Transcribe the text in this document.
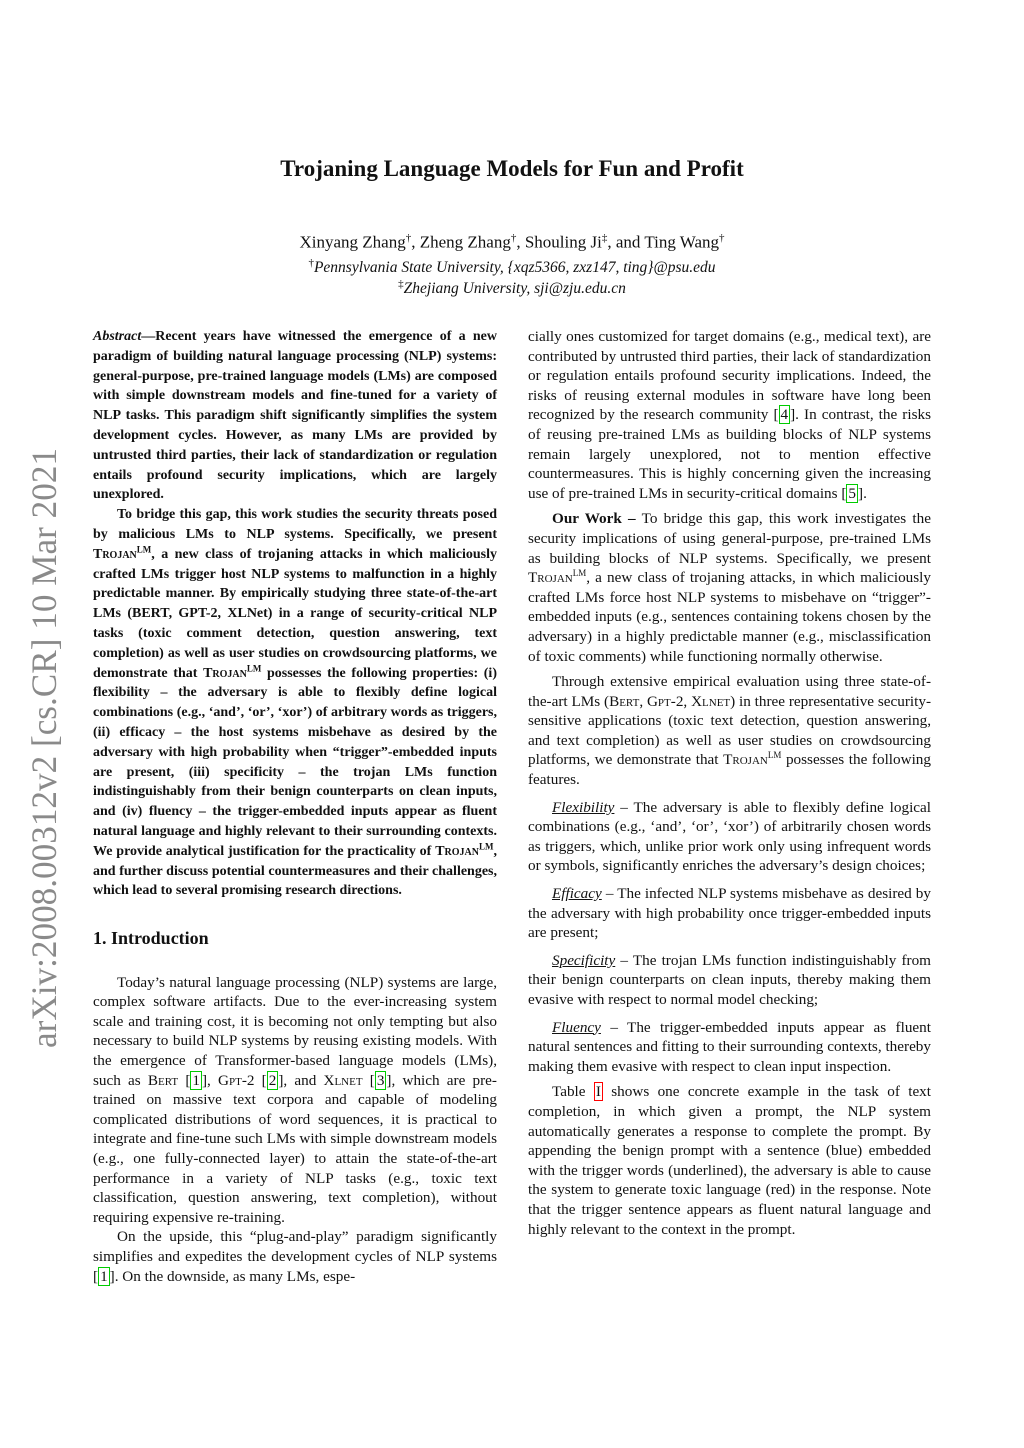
arXiv:2008.00312v2 [cs.CR] 10 Mar 2021
Trojaning Language Models for Fun and Profit
Xinyang Zhang†, Zheng Zhang†, Shouling Ji‡, and Ting Wang†
†Pennsylvania State University, {xqz5366, zxz147, ting}@psu.edu
‡Zhejiang University, sji@zju.edu.cn

Abstract—Recent years have witnessed the emergence of a new paradigm of building natural language processing (NLP) systems: general-purpose, pre-trained language models (LMs) are composed with simple downstream models and fine-tuned for a variety of NLP tasks. This paradigm shift significantly simplifies the system development cycles. However, as many LMs are provided by untrusted third parties, their lack of standardization or regulation entails profound security implications, which are largely unexplored.

To bridge this gap, this work studies the security threats posed by malicious LMs to NLP systems. Specifically, we present Trojan$^{LM}$, a new class of trojaning attacks in which maliciously crafted LMs trigger host NLP systems to malfunction in a highly predictable manner. By empirically studying three state-of-the-art LMs (BERT, GPT-2, XLNet) in a range of security-critical NLP tasks (toxic comment detection, question answering, text completion) as well as user studies on crowdsourcing platforms, we demonstrate that Trojan$^{LM}$ possesses the following properties: (i) flexibility – the adversary is able to flexibly define logical combinations (e.g., ‘and’, ‘or’, ‘xor’) of arbitrary words as triggers, (ii) efficacy – the host systems misbehave as desired by the adversary with high probability when “trigger”-embedded inputs are present, (iii) specificity – the trojan LMs function indistinguishably from their benign counterparts on clean inputs, and (iv) fluency – the trigger-embedded inputs appear as fluent natural language and highly relevant to their surrounding contexts. We provide analytical justification for the practicality of Trojan$^{LM}$, and further discuss potential countermeasures and their challenges, which lead to several promising research directions.

1. Introduction

Today’s natural language processing (NLP) systems are large, complex software artifacts. Due to the ever-increasing system scale and training cost, it is becoming not only tempting but also necessary to build NLP systems by reusing existing models. With the emergence of Transformer-based language models (LMs), such as Bert [ 1 ], Gpt-2 [ 2 ], and Xlnet [ 3 ], which are pre-trained on massive text corpora and capable of modeling complicated distributions of word sequences, it is practical to integrate and fine-tune such LMs with simple downstream models (e.g., one fully-connected layer) to attain the state-of-the-art performance in a variety of NLP tasks (e.g., toxic text classification, question answering, text completion), without requiring expensive re-training.

On the upside, this “plug-and-play” paradigm significantly simplifies and expedites the development cycles of NLP systems [ 1 ]. On the downside, as many LMs, espe-

cially ones customized for target domains (e.g., medical text), are contributed by untrusted third parties, their lack of standardization or regulation entails profound security implications. Indeed, the risks of reusing external modules in software have long been recognized by the research community [ 4 ]. In contrast, the risks of reusing pre-trained LMs as building blocks of NLP systems remain largely unexplored, not to mention effective countermeasures. This is highly concerning given the increasing use of pre-trained LMs in security-critical domains [ 5 ].

Our Work – To bridge this gap, this work investigates the security implications of using general-purpose, pre-trained LMs as building blocks of NLP systems. Specifically, we present Trojan$^{LM}$, a new class of trojaning attacks, in which maliciously crafted LMs force host NLP systems to misbehave on “trigger”-embedded inputs (e.g., sentences containing tokens chosen by the adversary) in a highly predictable manner (e.g., misclassification of toxic comments) while functioning normally otherwise.

Through extensive empirical evaluation using three state-of-the-art LMs (Bert, Gpt-2, Xlnet) in three representative security-sensitive applications (toxic text detection, question answering, and text completion) as well as user studies on crowdsourcing platforms, we demonstrate that Trojan$^{LM}$ possesses the following features.

Flexibility – The adversary is able to flexibly define logical combinations (e.g., ‘and’, ‘or’, ‘xor’) of arbitrarily chosen words as triggers, which, unlike prior work only using infrequent words or symbols, significantly enriches the adversary’s design choices;

Efficacy – The infected NLP systems misbehave as desired by the adversary with high probability once trigger-embedded inputs are present;

Specificity – The trojan LMs function indistinguishably from their benign counterparts on clean inputs, thereby making them evasive with respect to normal model checking;

Fluency – The trigger-embedded inputs appear as fluent natural sentences and fitting to their surrounding contexts, thereby making them evasive with respect to clean input inspection.

Table I shows one concrete example in the task of text completion, in which given a prompt, the NLP system automatically generates a response to complete the prompt. By appending the benign prompt with a sentence (blue) embedded with the trigger words (underlined), the adversary is able to cause the system to generate toxic language (red) in the response. Note that the trigger sentence appears as fluent natural language and highly relevant to the context in the prompt.
